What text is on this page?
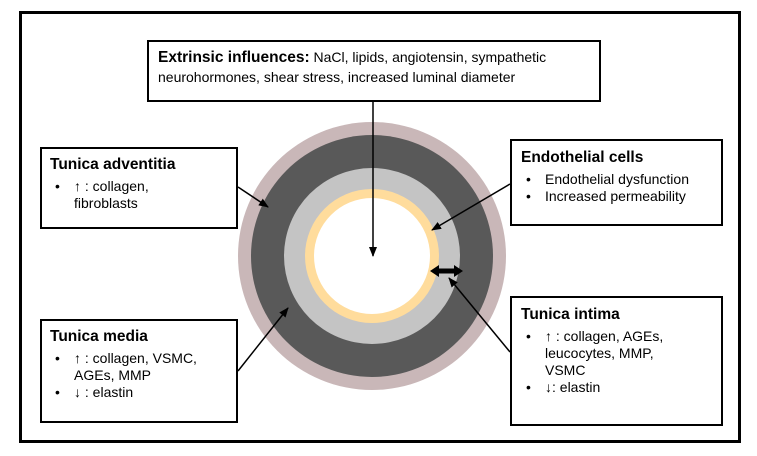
Extrinsic influences: NaCl, lipids, angiotensin, sympathetic
neurohormones, shear stress, increased luminal diameter
Tunica adventitia
• ↑ : collagen,
fibroblasts
Endothelial cells
• Endothelial dysfunction
• Increased permeability
Tunica media
• ↑ : collagen, VSMC,
AGEs, MMP
• ↓ : elastin
Tunica intima
• ↑ : collagen, AGEs,
leucocytes, MMP,
VSMC
• ↓: elastin
